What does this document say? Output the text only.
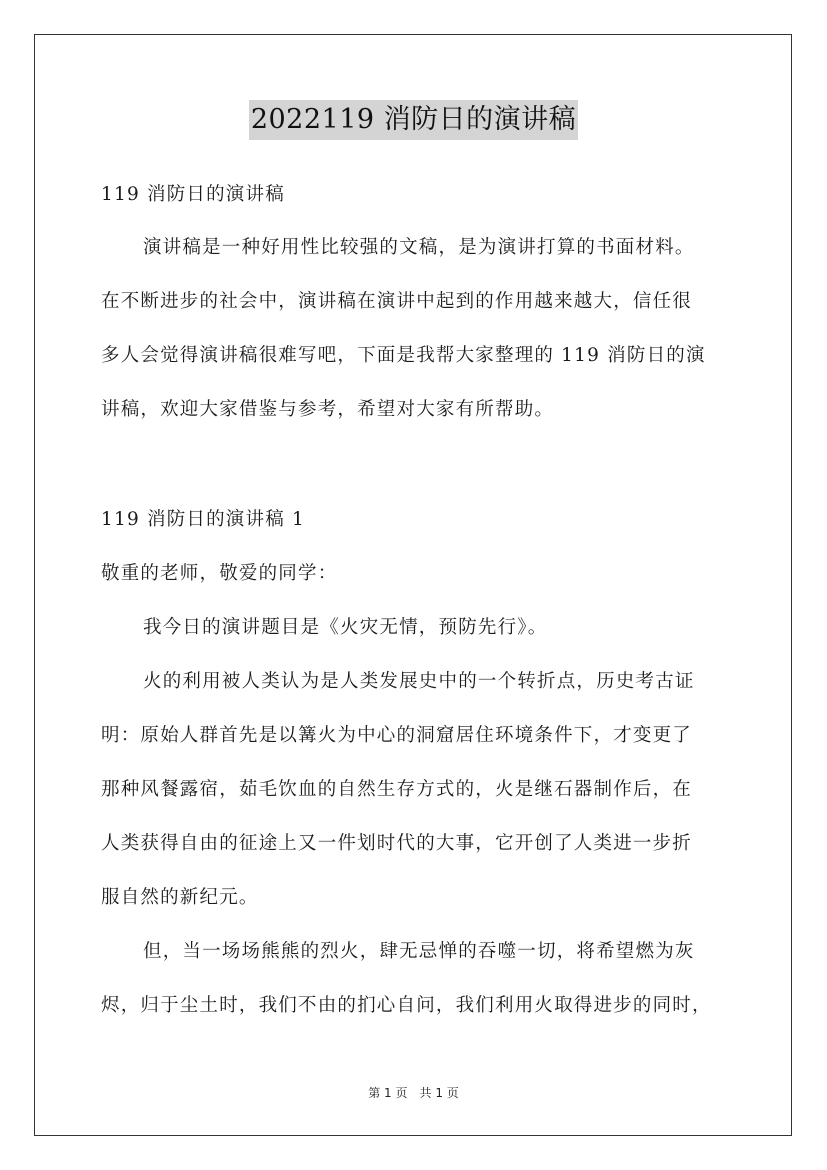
2022119 消防日的演讲稿
119 消防日的演讲稿
演讲稿是一种好用性比较强的文稿，是为演讲打算的书面材料。
在不断进步的社会中，演讲稿在演讲中起到的作用越来越大，信任很
多人会觉得演讲稿很难写吧，下面是我帮大家整理的 119 消防日的演
讲稿，欢迎大家借鉴与参考，希望对大家有所帮助。
119 消防日的演讲稿 1
敬重的老师，敬爱的同学：
我今日的演讲题目是《火灾无情，预防先行》。
火的利用被人类认为是人类发展史中的一个转折点，历史考古证
明：原始人群首先是以篝火为中心的洞窟居住环境条件下，才变更了
那种风餐露宿，茹毛饮血的自然生存方式的，火是继石器制作后，在
人类获得自由的征途上又一件划时代的大事，它开创了人类进一步折
服自然的新纪元。
但，当一场场熊熊的烈火，肆无忌惮的吞噬一切，将希望燃为灰
烬，归于尘土时，我们不由的扪心自问，我们利用火取得进步的同时，
第 1 页　共 1 页
